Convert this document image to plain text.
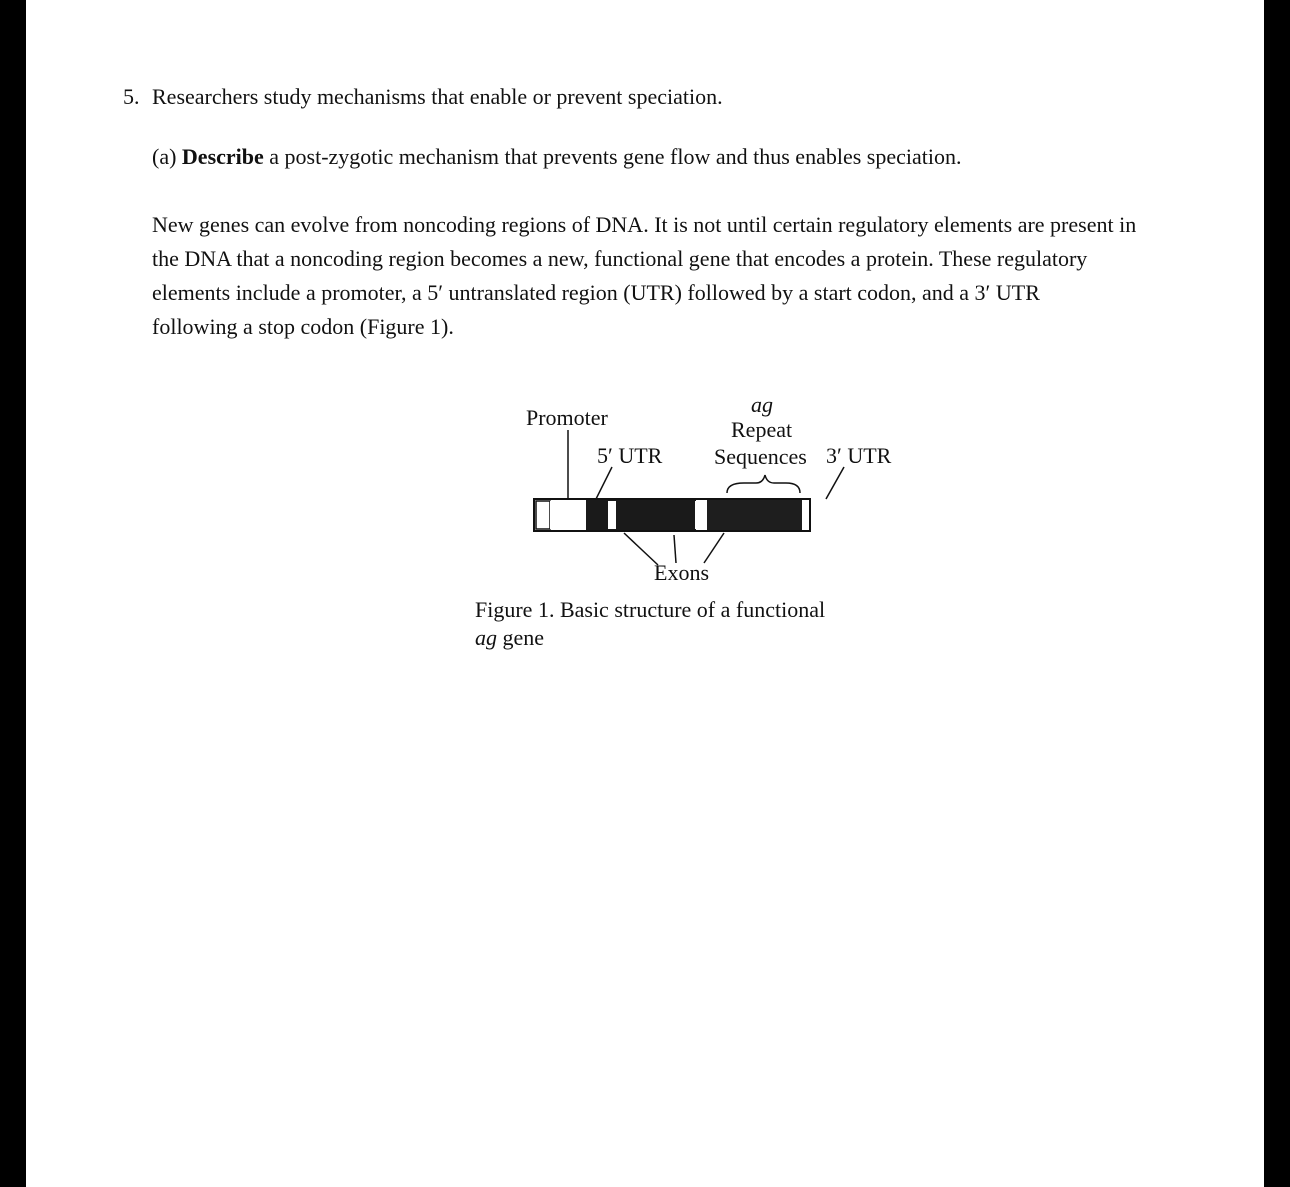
5. Researchers study mechanisms that enable or prevent speciation.

(a) Describe a post-zygotic mechanism that prevents gene flow and thus enables speciation.

New genes can evolve from noncoding regions of DNA. It is not until certain regulatory elements are present in
the DNA that a noncoding region becomes a new, functional gene that encodes a protein. These regulatory
elements include a promoter, a 5′ untranslated region (UTR) followed by a start codon, and a 3′ UTR
following a stop codon (Figure 1).
Promoter
5′ UTR
ag
Repeat
Sequences 3′ UTR
Exons
Figure 1. Basic structure of a functional
ag gene
